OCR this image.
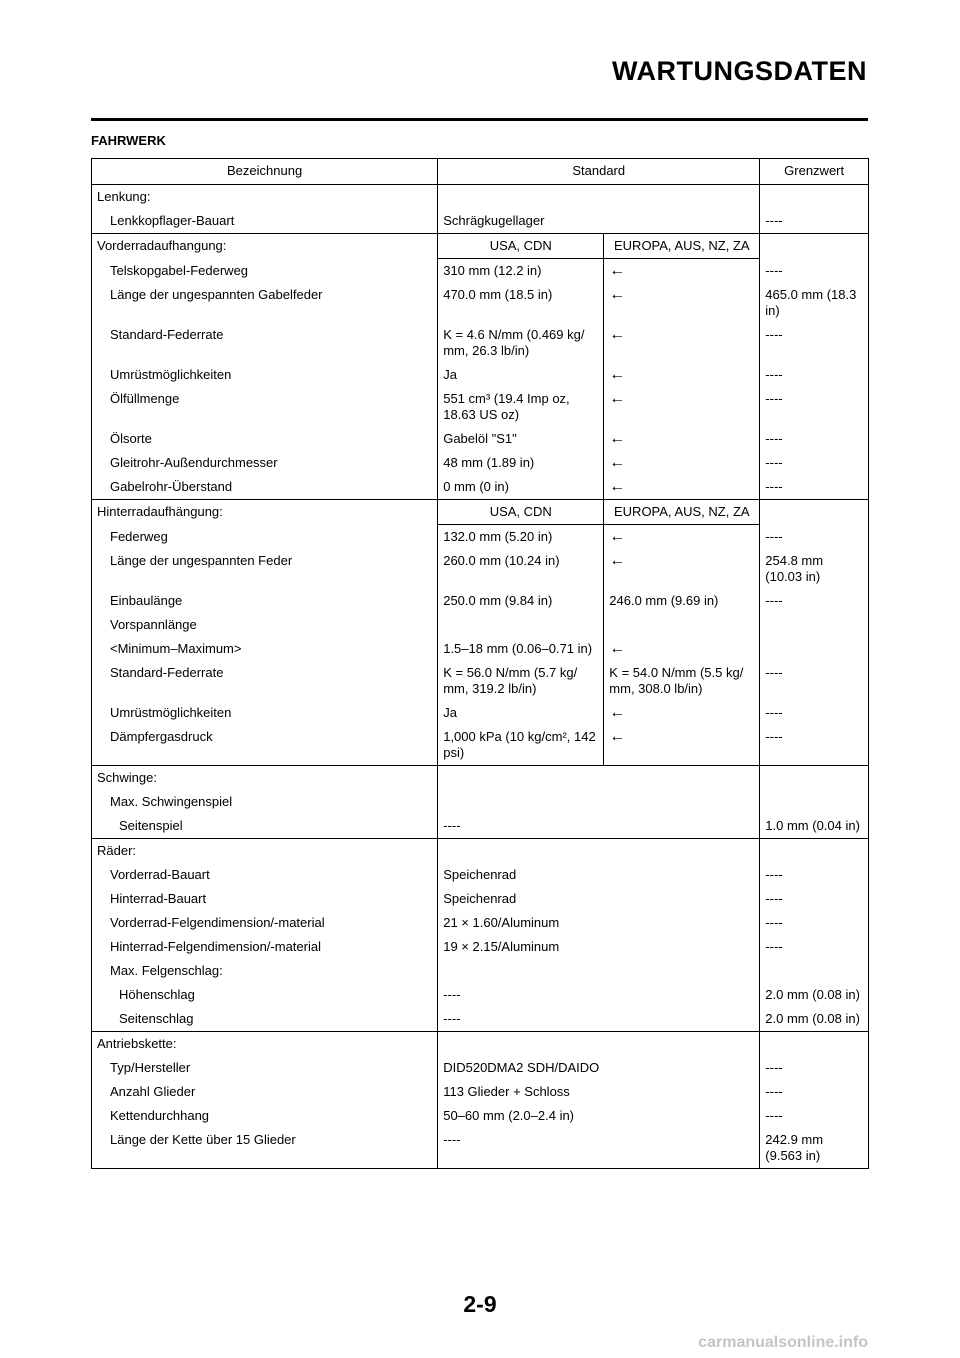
WARTUNGSDATEN
FAHRWERK
Bezeichnung	Standard		Grenzwert
Lenkung:			
Lenkkopflager-Bauart	Schrägkugellager		----
Vorderradaufhangung:	USA, CDN	EUROPA, AUS, NZ, ZA	
Telskopgabel-Federweg	310 mm (12.2 in)	←	----
Länge der ungespannten Gabelfeder	470.0 mm (18.5 in)	←	465.0 mm (18.3 in)
Standard-Federrate	K = 4.6 N/mm (0.469 kg/ mm, 26.3 lb/in)	←	----
Umrüstmöglichkeiten	Ja	←	----
Ölfüllmenge	551 cm³ (19.4 Imp oz, 18.63 US oz)	←	----
Ölsorte	Gabelöl "S1"	←	----
Gleitrohr-Außendurchmesser	48 mm (1.89 in)	←	----
Gabelrohr-Überstand	0 mm (0 in)	←	----
Hinterradaufhängung:	USA, CDN	EUROPA, AUS, NZ, ZA	
Federweg	132.0 mm (5.20 in)	←	----
Länge der ungespannten Feder	260.0 mm (10.24 in)	←	254.8 mm (10.03 in)
Einbaulänge	250.0 mm (9.84 in)	246.0 mm (9.69 in)	----
Vorspannlänge			
<Minimum–Maximum>	1.5–18 mm (0.06–0.71 in)	←	
Standard-Federrate	K = 56.0 N/mm (5.7 kg/ mm, 319.2 lb/in)	K = 54.0 N/mm (5.5 kg/ mm, 308.0 lb/in)	----
Umrüstmöglichkeiten	Ja	←	----
Dämpfergasdruck	1,000 kPa (10 kg/cm², 142 psi)	←	----
Schwinge:			
Max. Schwingenspiel			
Seitenspiel	----		1.0 mm (0.04 in)
Räder:			
Vorderrad-Bauart	Speichenrad		----
Hinterrad-Bauart	Speichenrad		----
Vorderrad-Felgendimension/-material	21 × 1.60/Aluminum		----
Hinterrad-Felgendimension/-material	19 × 2.15/Aluminum		----
Max. Felgenschlag:			
Höhenschlag	----		2.0 mm (0.08 in)
Seitenschlag	----		2.0 mm (0.08 in)
Antriebskette:			
Typ/Hersteller	DID520DMA2 SDH/DAIDO		----
Anzahl Glieder	113 Glieder + Schloss		----
Kettendurchhang	50–60 mm (2.0–2.4 in)		----
Länge der Kette über 15 Glieder	----		242.9 mm (9.563 in)
2-9
carmanualsonline.info
